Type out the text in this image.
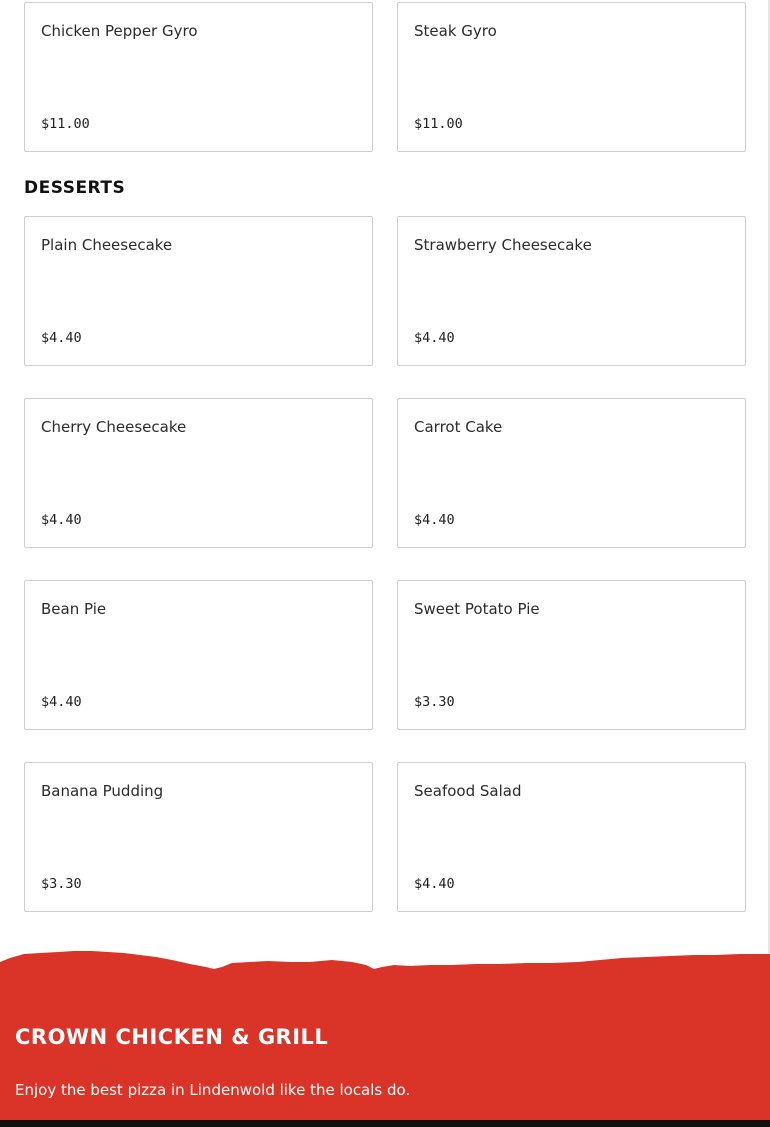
Chicken Pepper Gyro
$11.00
Steak Gyro
$11.00
DESSERTS
Plain Cheesecake
$4.40
Strawberry Cheesecake
$4.40
Cherry Cheesecake
$4.40
Carrot Cake
$4.40
Bean Pie
$4.40
Sweet Potato Pie
$3.30
Banana Pudding
$3.30
Seafood Salad
$4.40
CROWN CHICKEN & GRILL
Enjoy the best pizza in Lindenwold like the locals do.
